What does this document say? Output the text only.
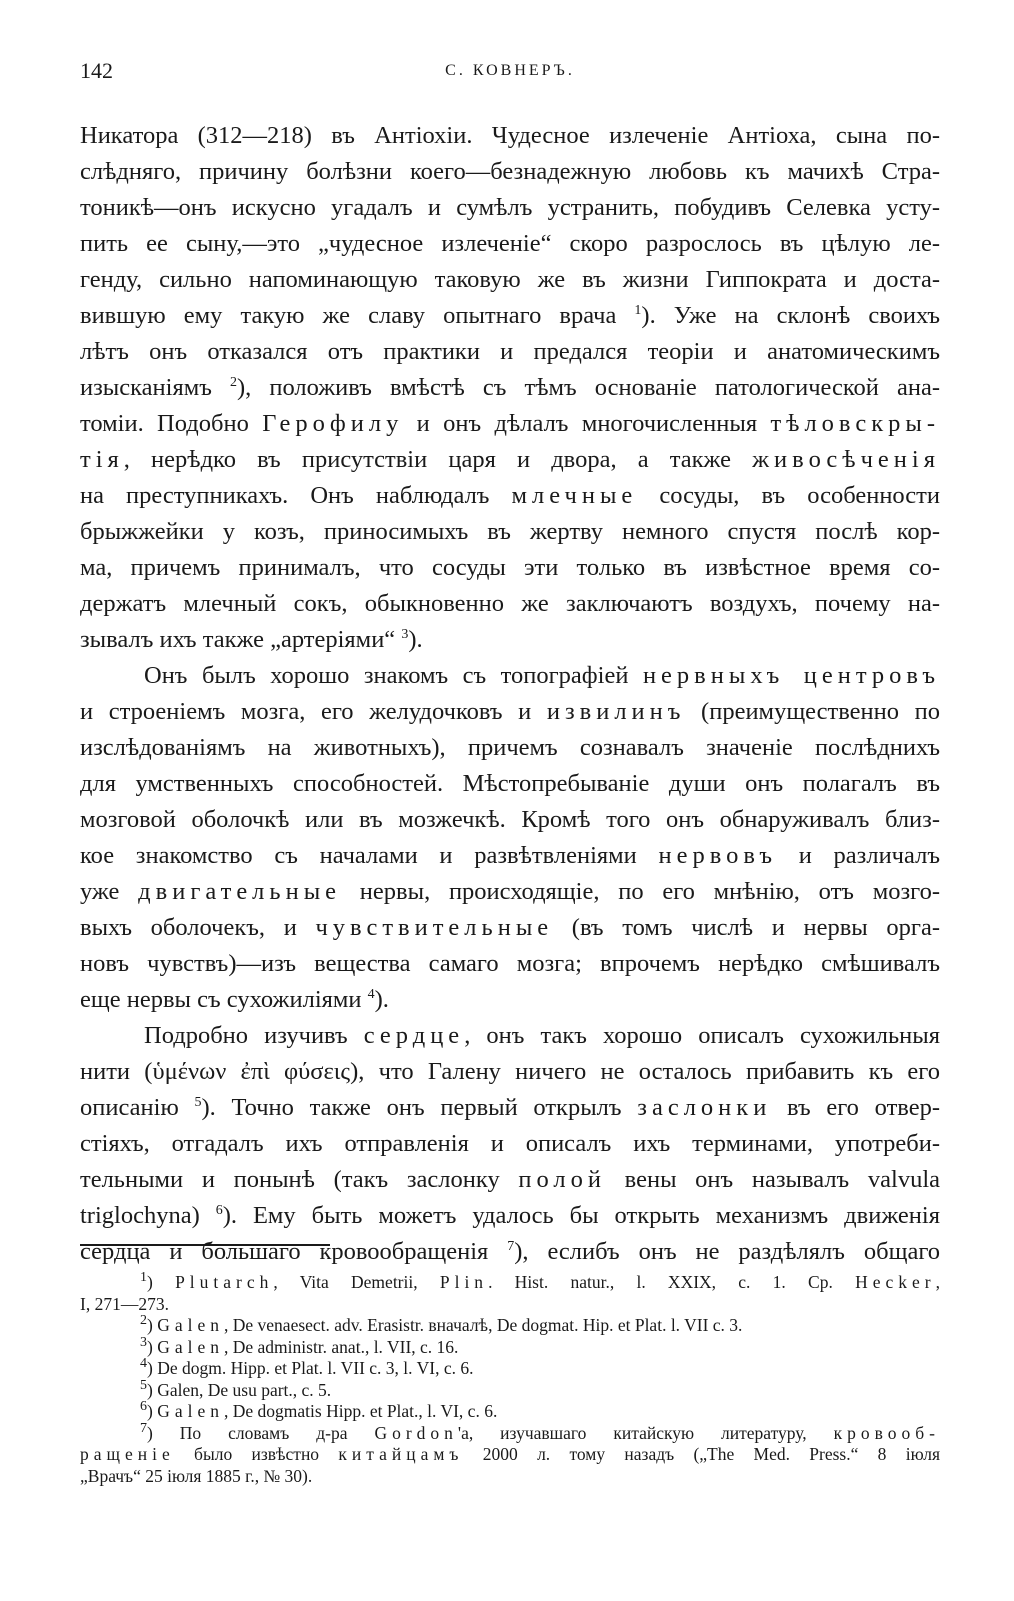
142	С. КОВНЕРЪ.
Никатора (312—218) въ Антіохіи. Чудесное излеченіе Антіоха, сына по-
слѣдняго, причину болѣзни коего—безнадежную любовь къ мачихѣ Стра-
тоникѣ—онъ искусно угадалъ и сумѣлъ устранить, побудивъ Селевка усту-
пить ее сыну,—это „чудесное излеченіе“ скоро разрослось въ цѣлую ле-
генду, сильно напоминающую таковую же въ жизни Гиппократа и доста-
вившую ему такую же славу опытнаго врача $^1$). Уже на склонѣ своихъ
лѣтъ онъ отказался отъ практики и предался теоріи и анатомическимъ
изысканіямъ $^2$), положивъ вмѣстѣ съ тѣмъ основаніе патологической ана-
томіи. Подобно Герофилу и онъ дѣлалъ многочисленныя тѣловскры-
тія, нерѣдко въ присутствіи царя и двора, а также живосѣченія
на преступникахъ. Онъ наблюдалъ млечные сосуды, въ особенности
брыжжейки у козъ, приносимыхъ въ жертву немного спустя послѣ кор-
ма, причемъ принималъ, что сосуды эти только въ извѣстное время со-
держатъ млечный сокъ, обыкновенно же заключаютъ воздухъ, почему на-
зывалъ ихъ также „артеріями“ $^3$).
Онъ былъ хорошо знакомъ съ топографіей нервныхъ центровъ
и строеніемъ мозга, его желудочковъ и извилинъ (преимущественно по
изслѣдованіямъ на животныхъ), причемъ сознавалъ значеніе послѣднихъ
для умственныхъ способностей. Мѣстопребываніе души онъ полагалъ въ
мозговой оболочкѣ или въ мозжечкѣ. Кромѣ того онъ обнаруживалъ близ-
кое знакомство съ началами и развѣтвленіями нервовъ и различалъ
уже двигательные нервы, происходящіе, по его мнѣнію, отъ мозго-
выхъ оболочекъ, и чувствительные (въ томъ числѣ и нервы орга-
новъ чувствъ)—изъ вещества самаго мозга; впрочемъ нерѣдко смѣшивалъ
еще нервы съ сухожиліями $^4$).
Подробно изучивъ сердце, онъ такъ хорошо описалъ сухожильныя
нити (ὑμένων ἐπὶ φύσεις), что Галену ничего не осталось прибавить къ его
описанію $^5$). Точно также онъ первый открылъ заслонки въ его отвер-
стіяхъ, отгадалъ ихъ отправленія и описалъ ихъ терминами, употреби-
тельными и понынѣ (такъ заслонку полой вены онъ называлъ valvula
triglochyna) $^6$). Ему быть можетъ удалось бы открыть механизмъ движенія
сердца и большаго кровообращенія $^7$), еслибъ онъ не раздѣлялъ общаго
$^1$) Plutarch, Vita Demetrii, Plin. Hist. natur., l. XXIX, c. 1. Cp. Hecker,
I, 271—273.
$^2$) Galen, De venaesect. adv. Erasistr. вначалѣ, De dogmat. Hip. et Plat. l. VII c. 3.
$^3$) Galen, De administr. anat., l. VII, c. 16.
$^4$) De dogm. Hipp. et Plat. l. VII c. 3, l. VI, c. 6.
$^5$) Galen, De usu part., c. 5.
$^6$) Galen, De dogmatis Hipp. et Plat., l. VI, c. 6.
$^7$) По словамъ д-ра Gordon'а, изучавшаго китайскую литературу, кровооб-
ращеніе было извѣстно китайцамъ 2000 л. тому назадъ („The Med. Press.“ 8 іюля
„Врачъ“ 25 іюля 1885 г., № 30).
